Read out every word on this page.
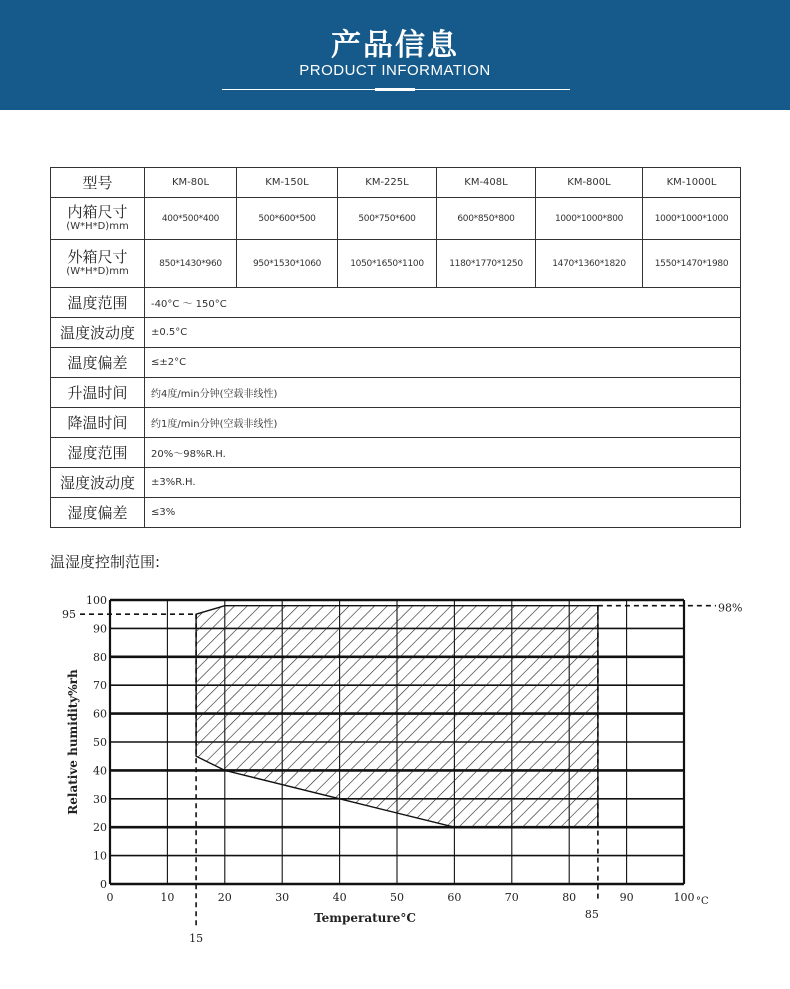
产品信息
PRODUCT INFORMATION
型号	KM-80L	KM-150L	KM-225L	KM-408L	KM-800L	KM-1000L

内箱尺寸
(W*H*D)mm	400*500*400	500*600*500	500*750*600	600*850*800	1000*1000*800	1000*1000*1000

外箱尺寸
(W*H*D)mm	850*1430*960	950*1530*1060	1050*1650*1100	1180*1770*1250	1470*1360*1820	1550*1470*1980
温度范围	-40°C ～ 150°C					
温度波动度	±0.5°C					
温度偏差	≤±2°C					
升温时间	约4度/min分钟(空载非线性)					
降温时间	约1度/min分钟(空载非线性)					
湿度范围	20%～98%R.H.					
湿度波动度	±3%R.H.					
湿度偏差	≤3%					
温湿度控制范围:
0
10
20
30
40
50
60
70
80
90
100
0	10	20	30	40	50	60	70	80	90	100 °C
95
98%
15
85
Temperature°C
Relative humidity%rh
